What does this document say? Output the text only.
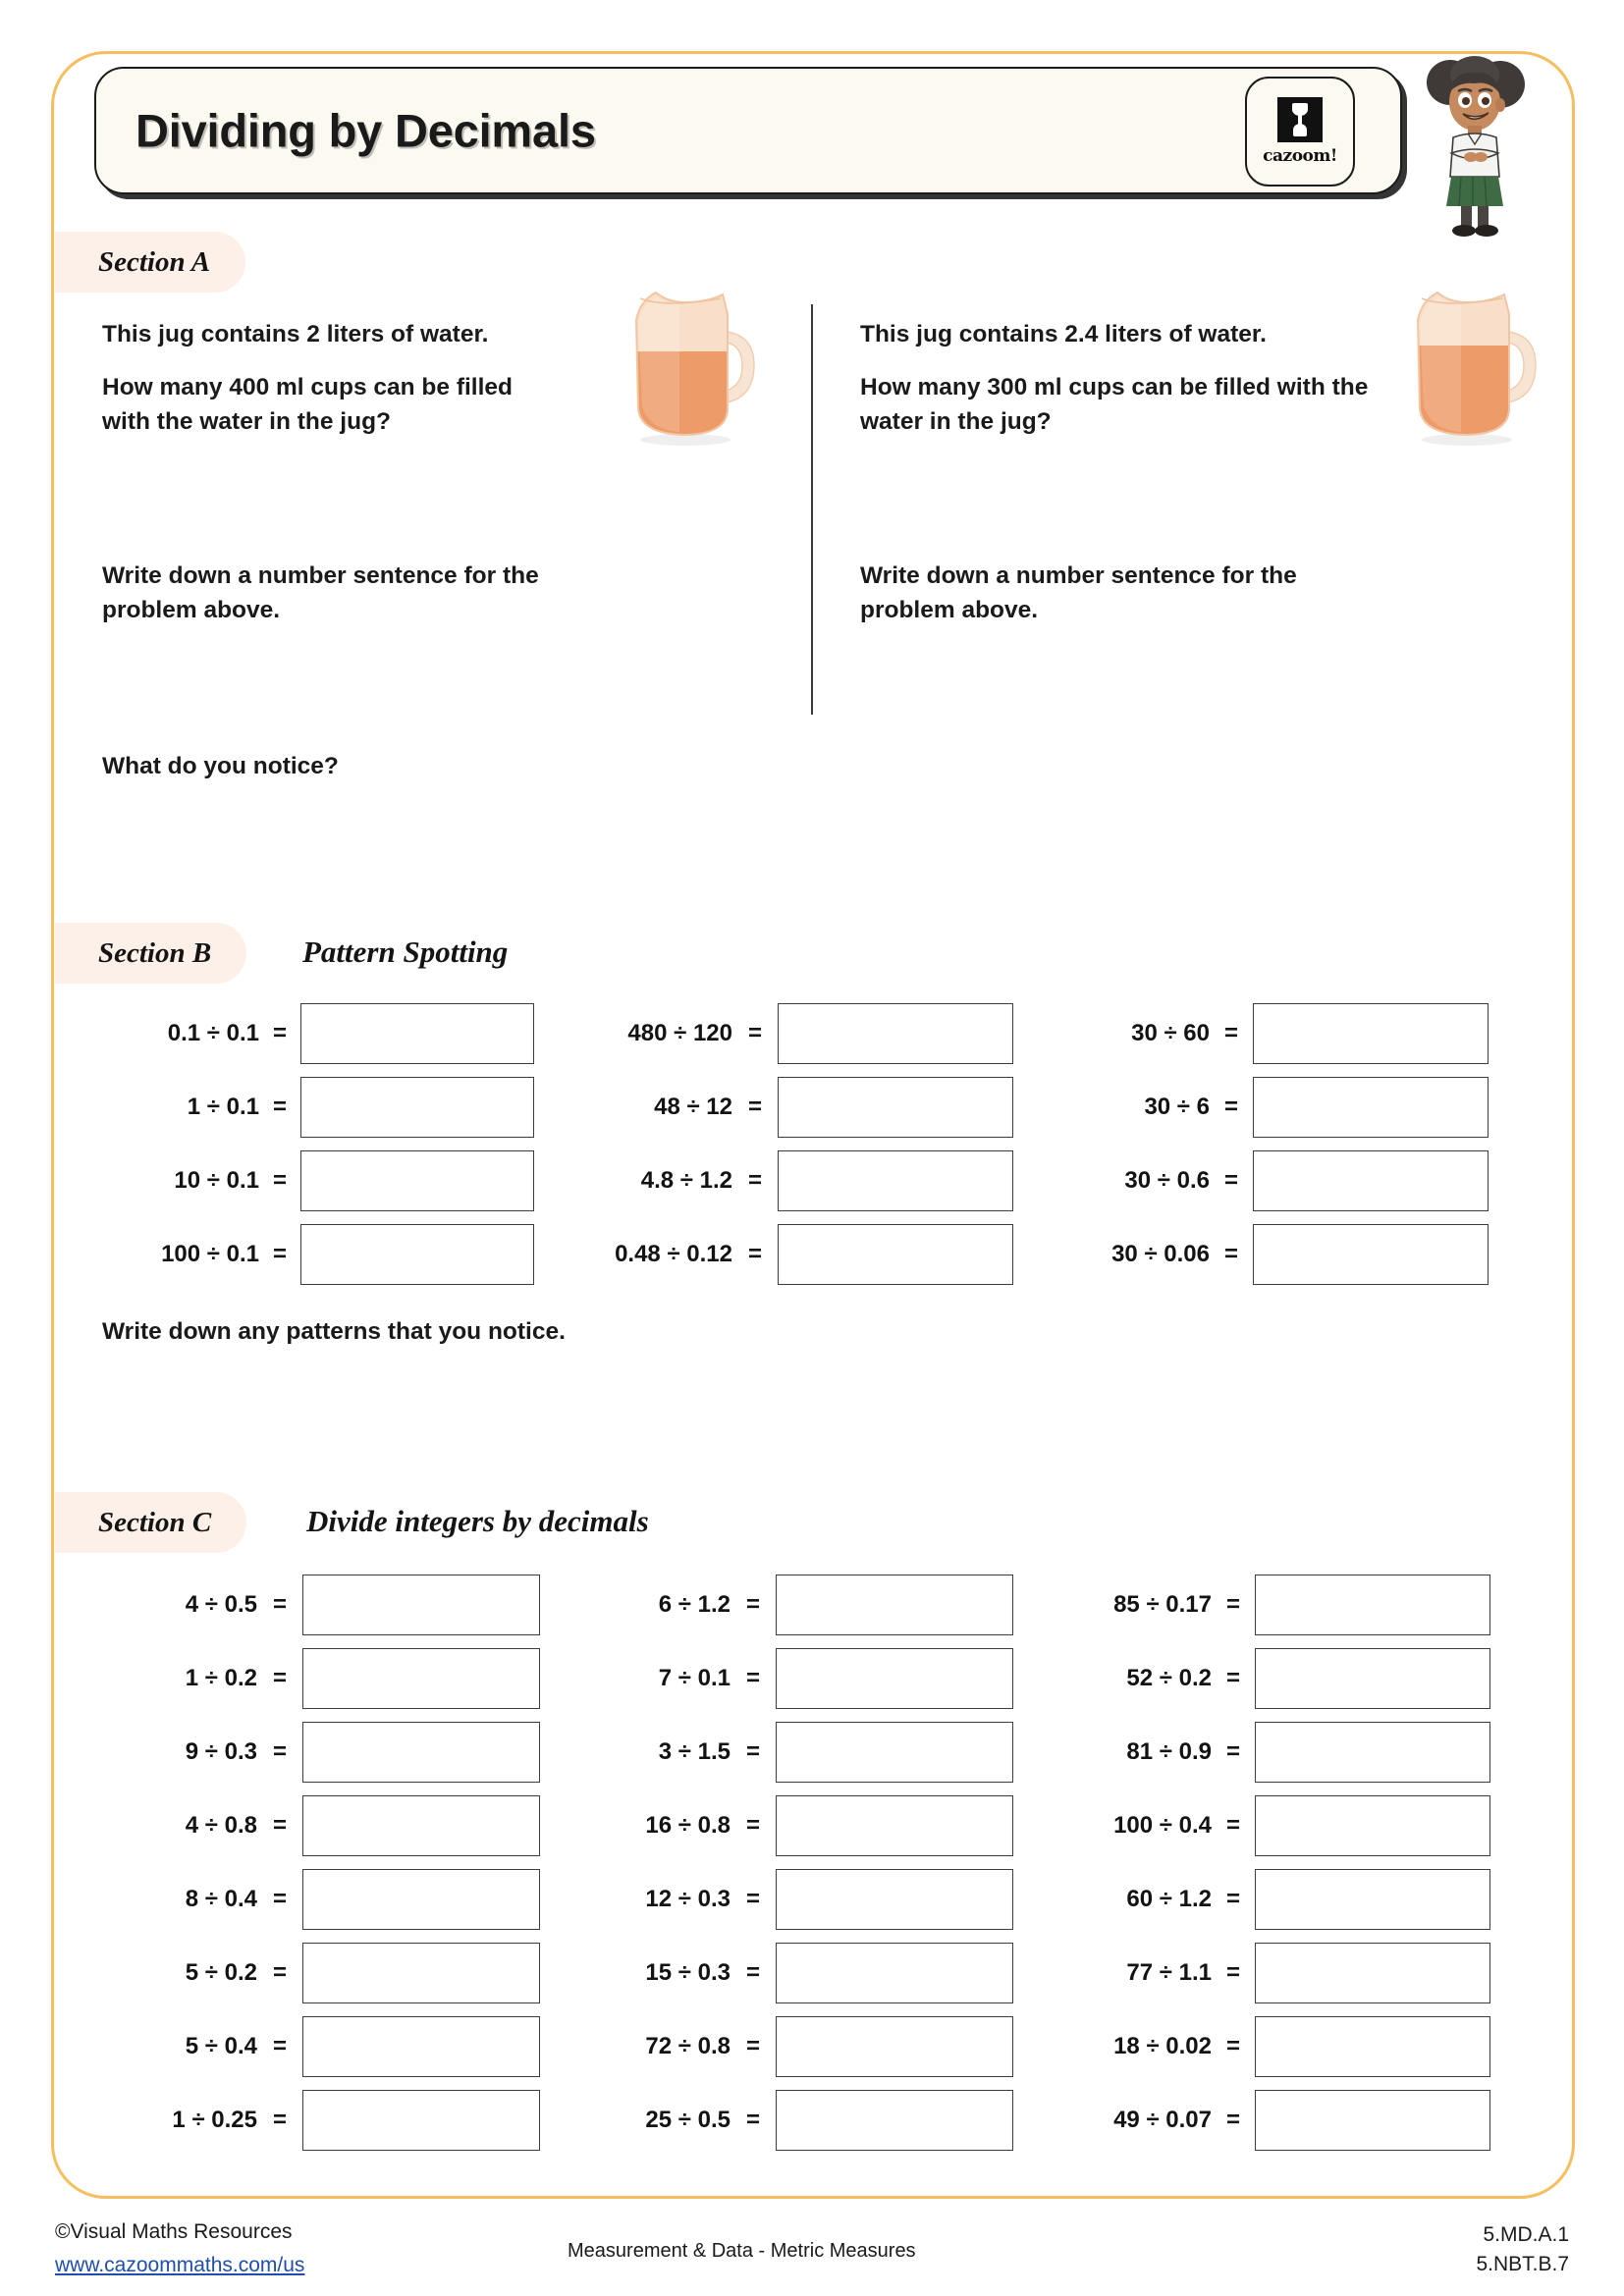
Dividing by Decimals	cazoom!
Section A
This jug contains 2 liters of water.
How many 400 ml cups can be filled with the water in the jug?
Write down a number sentence for the problem above.
This jug contains 2.4 liters of water.
How many 300 ml cups can be filled with the water in the jug?
Write down a number sentence for the problem above.
What do you notice?
Section B	Pattern Spotting
0.1 ÷ 0.1 =
1 ÷ 0.1 =
10 ÷ 0.1 =
100 ÷ 0.1 =
480 ÷ 120 =
48 ÷ 12 =
4.8 ÷ 1.2 =
0.48 ÷ 0.12 =
30 ÷ 60 =
30 ÷ 6 =
30 ÷ 0.6 =
30 ÷ 0.06 =
Write down any patterns that you notice.
Section C	Divide integers by decimals
4 ÷ 0.5 =
1 ÷ 0.2 =
9 ÷ 0.3 =
4 ÷ 0.8 =
8 ÷ 0.4 =
5 ÷ 0.2 =
5 ÷ 0.4 =
1 ÷ 0.25 =
6 ÷ 1.2 =
7 ÷ 0.1 =
3 ÷ 1.5 =
16 ÷ 0.8 =
12 ÷ 0.3 =
15 ÷ 0.3 =
72 ÷ 0.8 =
25 ÷ 0.5 =
85 ÷ 0.17 =
52 ÷ 0.2 =
81 ÷ 0.9 =
100 ÷ 0.4 =
60 ÷ 1.2 =
77 ÷ 1.1 =
18 ÷ 0.02 =
49 ÷ 0.07 =
©Visual Maths Resources
www.cazoommaths.com/us
Measurement & Data - Metric Measures
5.MD.A.1
5.NBT.B.7
